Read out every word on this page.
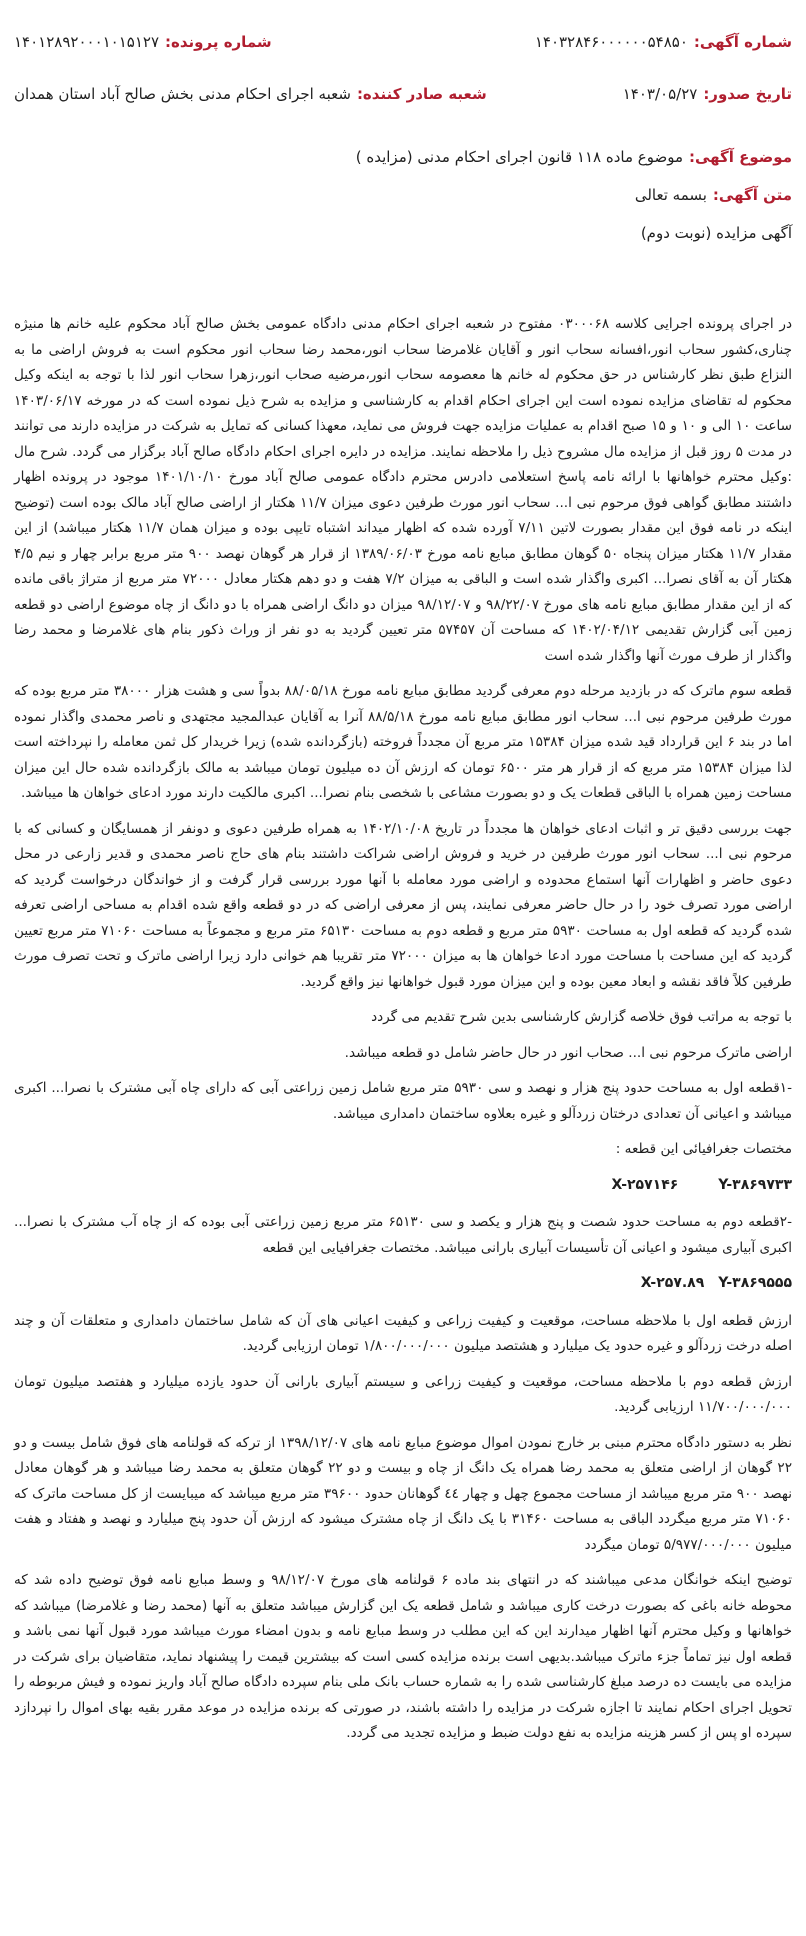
شماره آگهی:
۱۴۰۳۲۸۴۶۰۰۰۰۰۰۵۴۸۵۰
شماره پرونده:
۱۴۰۱۲۸۹۲۰۰۰۱۰۱۵۱۲۷
تاریخ صدور:
۱۴۰۳/۰۵/۲۷
شعبه صادر کننده:
شعبه اجرای احکام مدنی بخش صالح آباد استان همدان
موضوع آگهی:
موضوع ماده ۱۱۸ قانون اجرای احکام مدنی (مزایده )
متن آگهی:
بسمه تعالی
آگهی مزایده (نوبت دوم)

در اجرای پرونده اجرایی کلاسه ۰۳۰۰۰۶۸ مفتوح در شعبه اجرای احکام مدنی دادگاه عمومی بخش صالح آباد محکوم علیه خانم ها منیژه چناری،کشور سحاب انور،افسانه سحاب انور و آقایان غلامرضا سحاب انور،محمد رضا سحاب انور محکوم است به فروش اراضی ما به النزاع طبق نظر کارشناس در حق محکوم له خانم ها معصومه سحاب انور،مرضیه صحاب انور،زهرا سحاب انور لذا با توجه به اینکه وکیل محکوم له تقاضای مزایده نموده است این اجرای احکام اقدام به کارشناسی و مزایده به شرح ذیل نموده است که در مورخه ۱۴۰۳/۰۶/۱۷ ساعت ۱۰ الی و ۱۰ و ۱۵ صبح اقدام به عملیات مزایده جهت فروش می نماید، معهذا کسانی که تمایل به شرکت در مزایده دارند می توانند در مدت ۵ روز قبل از مزایده مال مشروح ذیل را ملاحظه نمایند. مزایده در دایره اجرای احکام دادگاه صالح آباد برگزار می گردد. شرح مال :وکیل محترم خواهانها با ارائه نامه پاسخ استعلامی دادرس محترم دادگاه عمومی صالح آباد مورخ ۱۴۰۱/۱۰/۱۰ موجود در پرونده اظهار داشتند مطابق گواهی فوق مرحوم نبی ا... سحاب انور مورث طرفین دعوی میزان ۱۱/۷ هکتار از اراضی صالح آباد مالک بوده است (توضیح اینکه در نامه فوق این مقدار بصورت لاتین ۷/۱۱ آورده شده که اظهار میداند اشتباه تایپی بوده و میزان همان ۱۱/۷ هکتار میباشد) از این مقدار ۱۱/۷ هکتار میزان پنجاه ۵۰ گوهان مطابق مبایع نامه مورخ ۱۳۸۹/۰۶/۰۳ از قرار هر گوهان نهصد ۹۰۰ متر مربع برابر چهار و نیم ۴/۵ هکتار آن به آقای نصرا... اکبری واگذار شده است و الباقی به میزان ۷/۲ هفت و دو دهم هکتار معادل ۷۲۰۰۰ متر مربع از متراژ باقی مانده که از این مقدار مطابق مبایع نامه های مورخ ۹۸/۲۲/۰۷ و ۹۸/۱۲/۰۷ میزان دو دانگ اراضی همراه با دو دانگ از چاه موضوع اراضی دو قطعه زمین آبی گزارش تقدیمی ۱۴۰۲/۰۴/۱۲ که مساحت آن ۵۷۴۵۷ متر تعیین گردید به دو نفر از وراث ذکور بنام های غلامرضا و محمد رضا واگذار از طرف مورث آنها واگذار شده است

قطعه سوم ماترک که در بازدید مرحله دوم معرفی گردید مطابق مبایع نامه مورخ ۸۸/۰۵/۱۸ بدواً سی و هشت هزار ۳۸۰۰۰ متر مربع بوده که مورث طرفین مرحوم نبی ا... سحاب انور مطابق مبایع نامه مورخ ۸۸/۵/۱۸ آنرا به آقایان عبدالمجید مجتهدی و ناصر محمدی واگذار نموده اما در بند ۶ این قرارداد قید شده میزان ۱۵۳۸۴ متر مربع آن مجدداً فروخته (بازگردانده شده) زیرا خریدار کل ثمن معامله را نپرداخته است لذا میزان ۱۵۳۸۴ متر مربع که از قرار هر متر ۶۵۰۰ تومان که ارزش آن ده میلیون تومان میباشد به مالک بازگردانده شده حال این میزان مساحت زمین همراه با الباقی قطعات یک و دو بصورت مشاعی با شخصی بنام نصرا... اکبری مالکیت دارند مورد ادعای خواهان ها میباشد.

جهت بررسی دقیق تر و اثبات ادعای خواهان ها مجدداً در تاریخ ۱۴۰۲/۱۰/۰۸ به همراه طرفین دعوی و دونفر از همسایگان و کسانی که با مرحوم نبی ا... سحاب انور مورث طرفین در خرید و فروش اراضی شراکت داشتند بنام های حاج ناصر محمدی و قدیر زارعی در محل دعوی حاضر و اظهارات آنها استماع محدوده و اراضی مورد معامله با آنها مورد بررسی قرار گرفت و از خواندگان درخواست گردید که اراضی مورد تصرف خود را در حال حاضر معرفی نمایند، پس از معرفی اراضی که در دو قطعه واقع شده اقدام به مساحی اراضی تعرفه شده گردید که قطعه اول به مساحت ۵۹۳۰ متر مربع و قطعه دوم به مساحت ۶۵۱۳۰ متر مربع و مجموعاً به مساحت ۷۱۰۶۰ متر مربع تعیین گردید که این مساحت با مساحت مورد ادعا خواهان ها به میزان ۷۲۰۰۰ متر تقریبا هم خوانی دارد زیرا اراضی ماترک و تحت تصرف مورث طرفین کلاً فاقد نقشه و ابعاد معین بوده و این میزان مورد قبول خواهانها نیز واقع گردید.

با توجه به مراتب فوق خلاصه گزارش کارشناسی بدین شرح تقدیم می گردد

اراضی ماترک مرحوم نبی ا... صحاب انور در حال حاضر شامل دو قطعه میباشد.

-۱قطعه اول به مساحت حدود پنج هزار و نهصد و سی ۵۹۳۰ متر مربع شامل زمین زراعتی آبی که دارای چاه آبی مشترک با نصرا... اکبری میباشد و اعیانی آن تعدادی درختان زردآلو و غیره بعلاوه ساختمان دامداری میباشد.

مختصات جغرافیائی این قطعه :

X-۲۵۷۱۴۶	Y-۳۸۶۹۷۳۳

-۲قطعه دوم به مساحت حدود شصت و پنج هزار و یکصد و سی ۶۵۱۳۰ متر مربع زمین زراعتی آبی بوده که از چاه آب مشترک با نصرا... اکبری آبیاری میشود و اعیانی آن تأسیسات آبیاری بارانی میباشد. مختصات جغرافیایی این قطعه

X-۲۵۷.۸۹ Y-۳۸۶۹۵۵۵

ارزش قطعه اول با ملاحظه مساحت، موقعیت و کیفیت زراعی و کیفیت اعیانی های آن که شامل ساختمان دامداری و متعلقات آن و چند اصله درخت زردآلو و غیره حدود یک میلیارد و هشتصد میلیون ۱/۸۰۰/۰۰۰/۰۰۰ تومان ارزیابی گردید.

ارزش قطعه دوم با ملاحظه مساحت، موقعیت و کیفیت زراعی و سیستم آبیاری بارانی آن حدود یازده میلیارد و هفتصد میلیون تومان ۱۱/۷۰۰/۰۰۰/۰۰۰ ارزیابی گردید.

نظر به دستور دادگاه محترم مبنی بر خارج نمودن اموال موضوع مبایع نامه های ۱۳۹۸/۱۲/۰۷ از ترکه که قولنامه های فوق شامل بیست و دو ۲۲ گوهان از اراضی متعلق به محمد رضا همراه یک دانگ از چاه و بیست و دو ۲۲ گوهان متعلق به محمد رضا میباشد و هر گوهان معادل نهصد ۹۰۰ متر مربع میباشد از مساحت مجموع چهل و چهار ٤٤ گوهانان حدود ۳۹۶۰۰ متر مربع میباشد که میبایست از کل مساحت ماترک که ۷۱۰۶۰ متر مربع میگردد الباقی به مساحت ۳۱۴۶۰ با یک دانگ از چاه مشترک میشود که ارزش آن حدود پنج میلیارد و نهصد و هفتاد و هفت میلیون ۵/۹۷۷/۰۰۰/۰۰۰ تومان میگردد

توضیح اینکه خوانگان مدعی میباشند که در انتهای بند ماده ۶ قولنامه های مورخ ۹۸/۱۲/۰۷ و وسط مبایع نامه فوق توضیح داده شد که محوطه خانه باغی که بصورت درخت کاری میباشد و شامل قطعه یک این گزارش میباشد متعلق به آنها (محمد رضا و غلامرضا) میباشد که خواهانها و وکیل محترم آنها اظهار میدارند این که این مطلب در وسط مبایع نامه و بدون امضاء مورث میباشد مورد قبول آنها نمی باشد و قطعه اول نیز تماماً جزء ماترک میباشد.بدیهی است برنده مزایده کسی است که بیشترین قیمت را پیشنهاد نماید، متقاضیان برای شرکت در مزایده می بایست ده درصد مبلغ کارشناسی شده را به شماره حساب بانک ملی بنام سپرده دادگاه صالح آباد واریز نموده و فیش مربوطه را تحویل اجرای احکام نمایند تا اجازه شرکت در مزایده را داشته باشند، در صورتی که برنده مزایده در موعد مقرر بقیه بهای اموال را نپردازد سپرده او پس از کسر هزینه مزایده به نفع دولت ضبط و مزایده تجدید می گردد.
